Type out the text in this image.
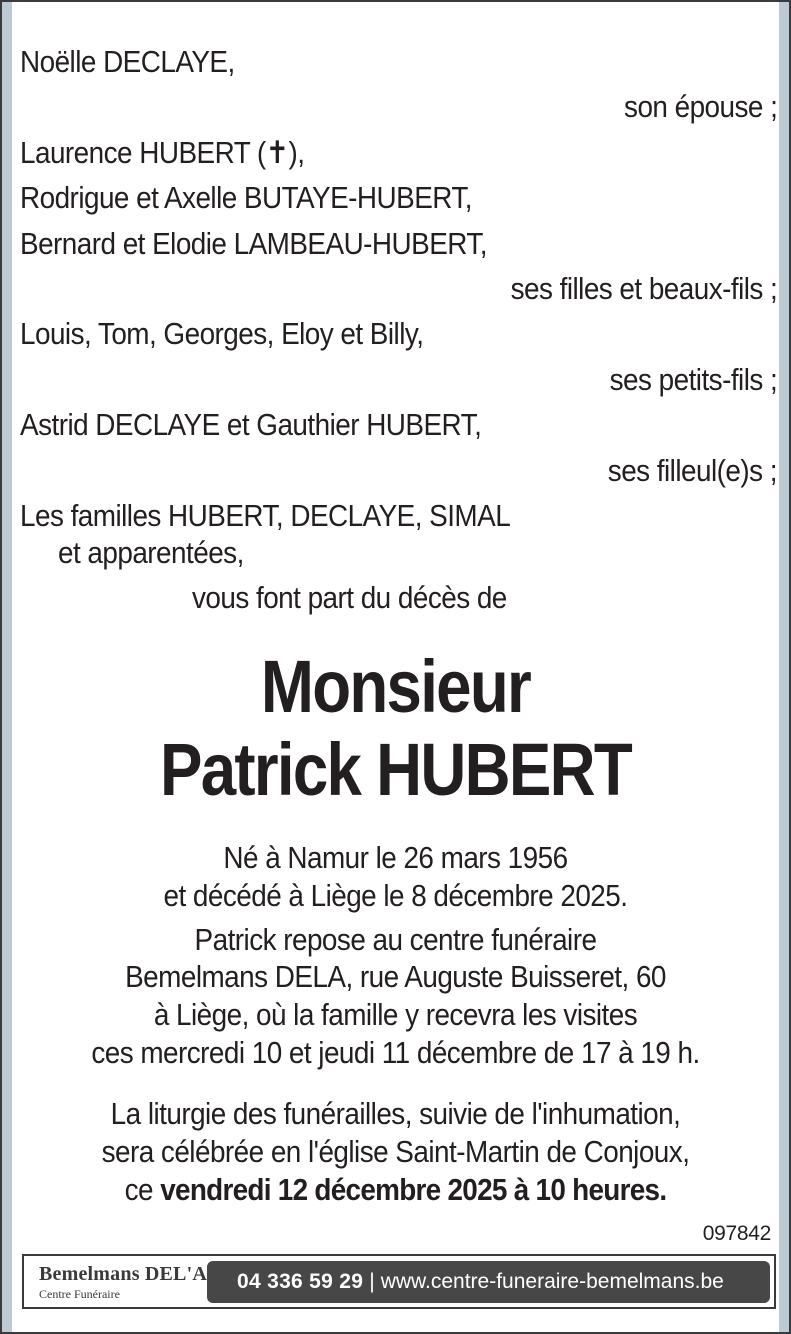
Noëlle DECLAYE,
son épouse ;
Laurence HUBERT (✝),
Rodrigue et Axelle BUTAYE-HUBERT,
Bernard et Elodie LAMBEAU-HUBERT,
ses filles et beaux-fils ;
Louis, Tom, Georges, Eloy et Billy,
ses petits-fils ;
Astrid DECLAYE et Gauthier HUBERT,
ses filleul(e)s ;
Les familles HUBERT, DECLAYE, SIMAL
et apparentées,
vous font part du décès de
Monsieur
Patrick HUBERT
Né à Namur le 26 mars 1956
et décédé à Liège le 8 décembre 2025.
Patrick repose au centre funéraire
Bemelmans DELA, rue Auguste Buisseret, 60
à Liège, où la famille y recevra les visites
ces mercredi 10 et jeudi 11 décembre de 17 à 19 h.
La liturgie des funérailles, suivie de l'inhumation,
sera célébrée en l'église Saint-Martin de Conjoux,
ce vendredi 12 décembre 2025 à 10 heures.
097842
Bemelmans DEL'A
Centre Funéraire
04 336 59 29 | www.centre-funeraire-bemelmans.be
